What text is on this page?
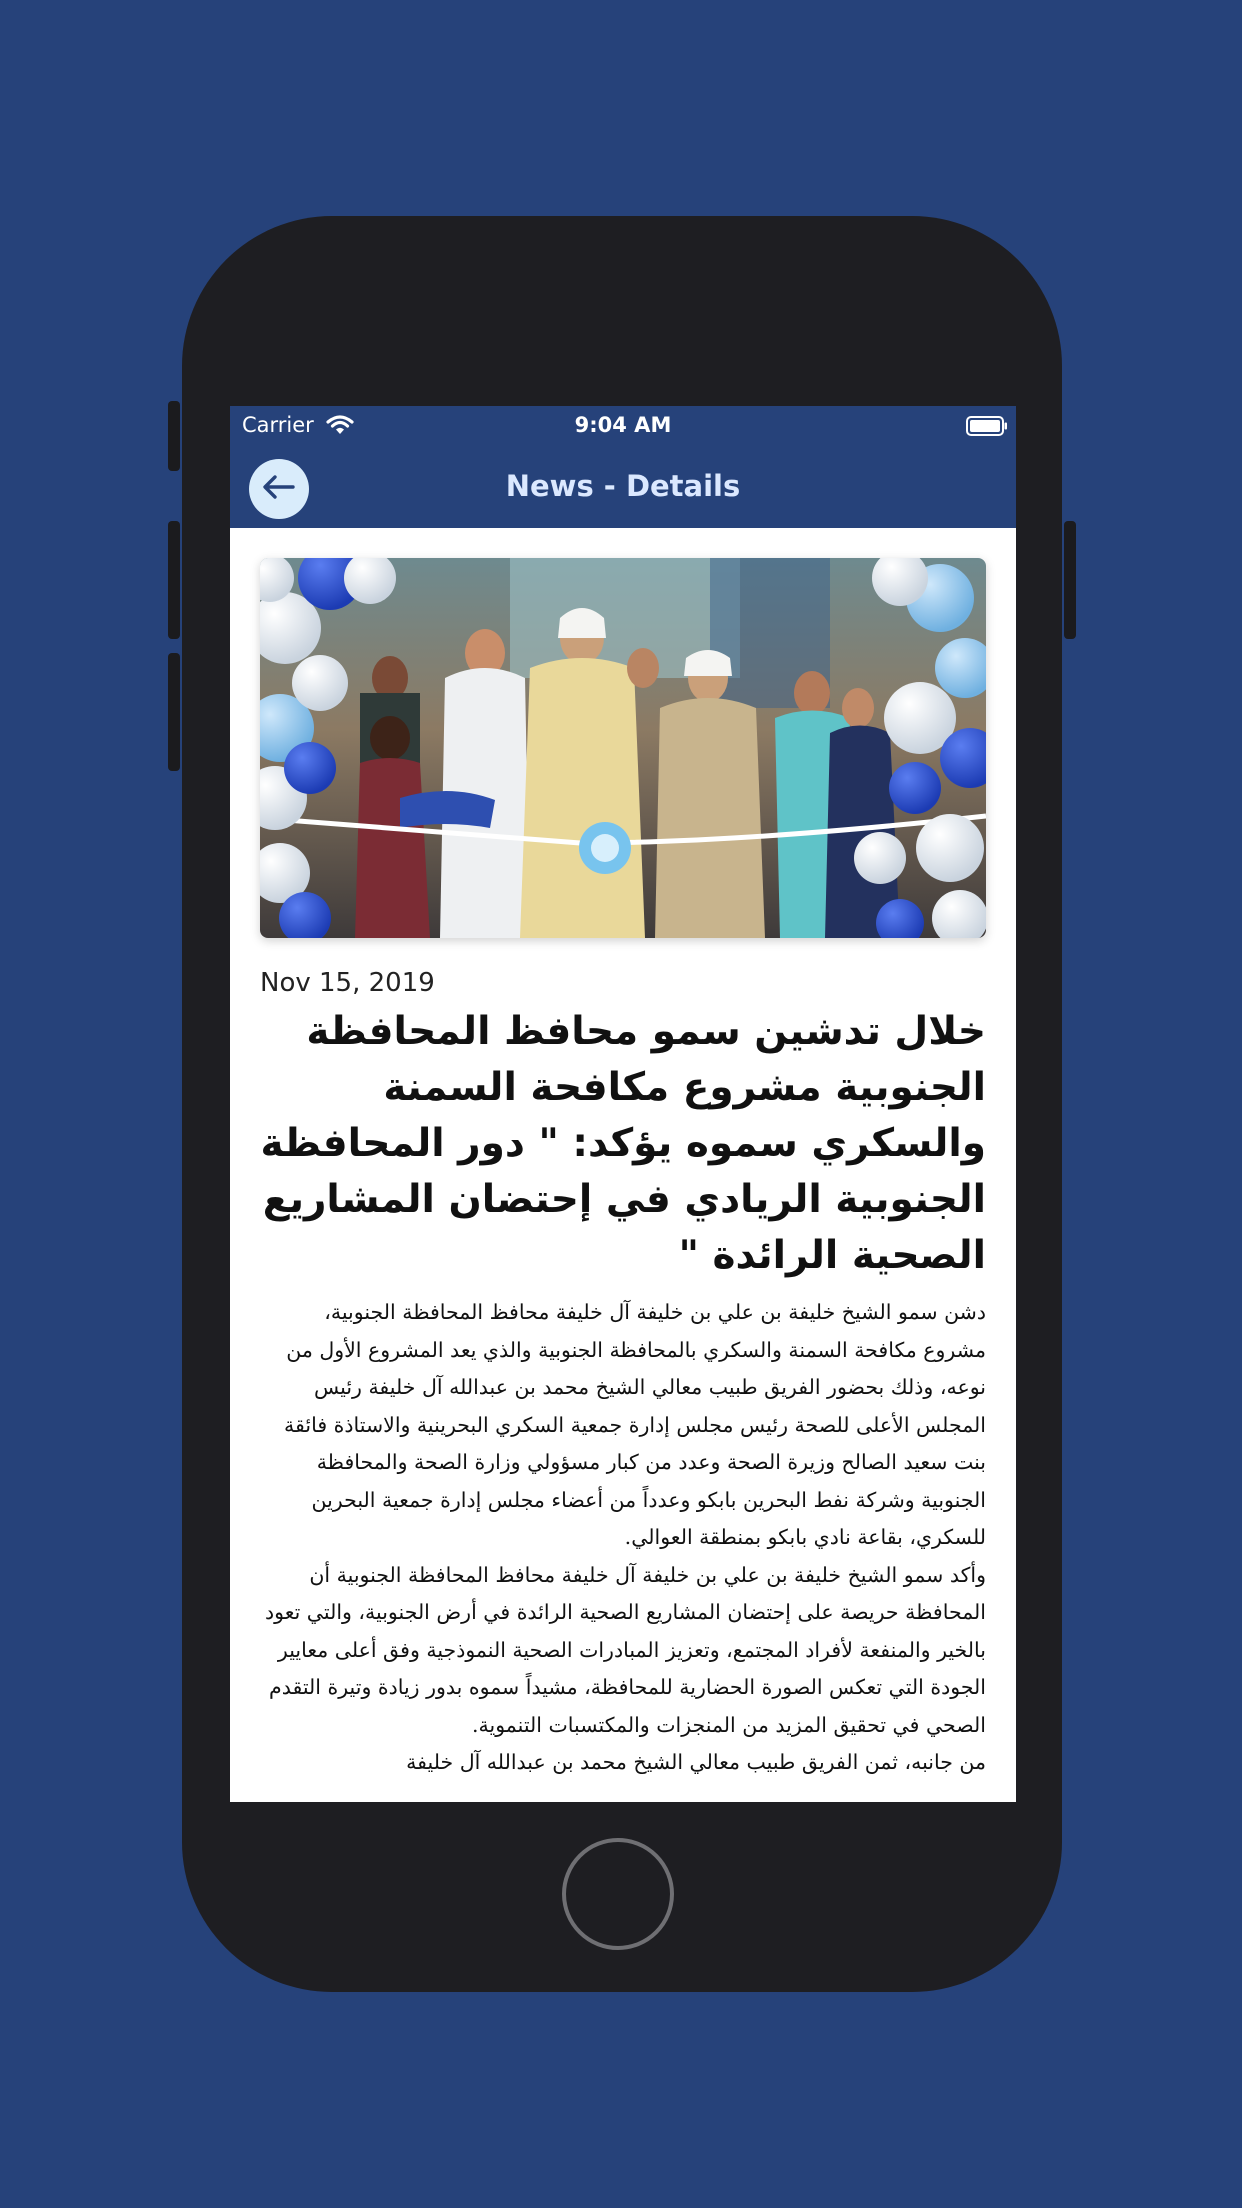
Carrier	9:04 AM
News - Details
Nov 15, 2019
خلال تدشين سمو محافظ المحافظة الجنوبية مشروع مكافحة السمنة والسكري سموه يؤكد: " دور المحافظة الجنوبية الريادي في إحتضان المشاريع الصحية الرائدة "

دشن سمو الشيخ خليفة بن علي بن خليفة آل خليفة محافظ المحافظة الجنوبية، مشروع مكافحة السمنة والسكري بالمحافظة الجنوبية والذي يعد المشروع الأول من نوعه، وذلك بحضور الفريق طبيب معالي الشيخ محمد بن عبدالله آل خليفة رئيس المجلس الأعلى للصحة رئيس مجلس إدارة جمعية السكري البحرينية والاستاذة فائقة بنت سعيد الصالح وزيرة الصحة وعدد من كبار مسؤولي وزارة الصحة والمحافظة الجنوبية وشركة نفط البحرين بابكو وعدداً من أعضاء مجلس إدارة جمعية البحرين للسكري، بقاعة نادي بابكو بمنطقة العوالي.

وأكد سمو الشيخ خليفة بن علي بن خليفة آل خليفة محافظ المحافظة الجنوبية أن المحافظة حريصة على إحتضان المشاريع الصحية الرائدة في أرض الجنوبية، والتي تعود بالخير والمنفعة لأفراد المجتمع، وتعزيز المبادرات الصحية النموذجية وفق أعلى معايير الجودة التي تعكس الصورة الحضارية للمحافظة، مشيداً سموه بدور زيادة وتيرة التقدم الصحي في تحقيق المزيد من المنجزات والمكتسبات التنموية.

من جانبه، ثمن الفريق طبيب معالي الشيخ محمد بن عبدالله آل خليفة
